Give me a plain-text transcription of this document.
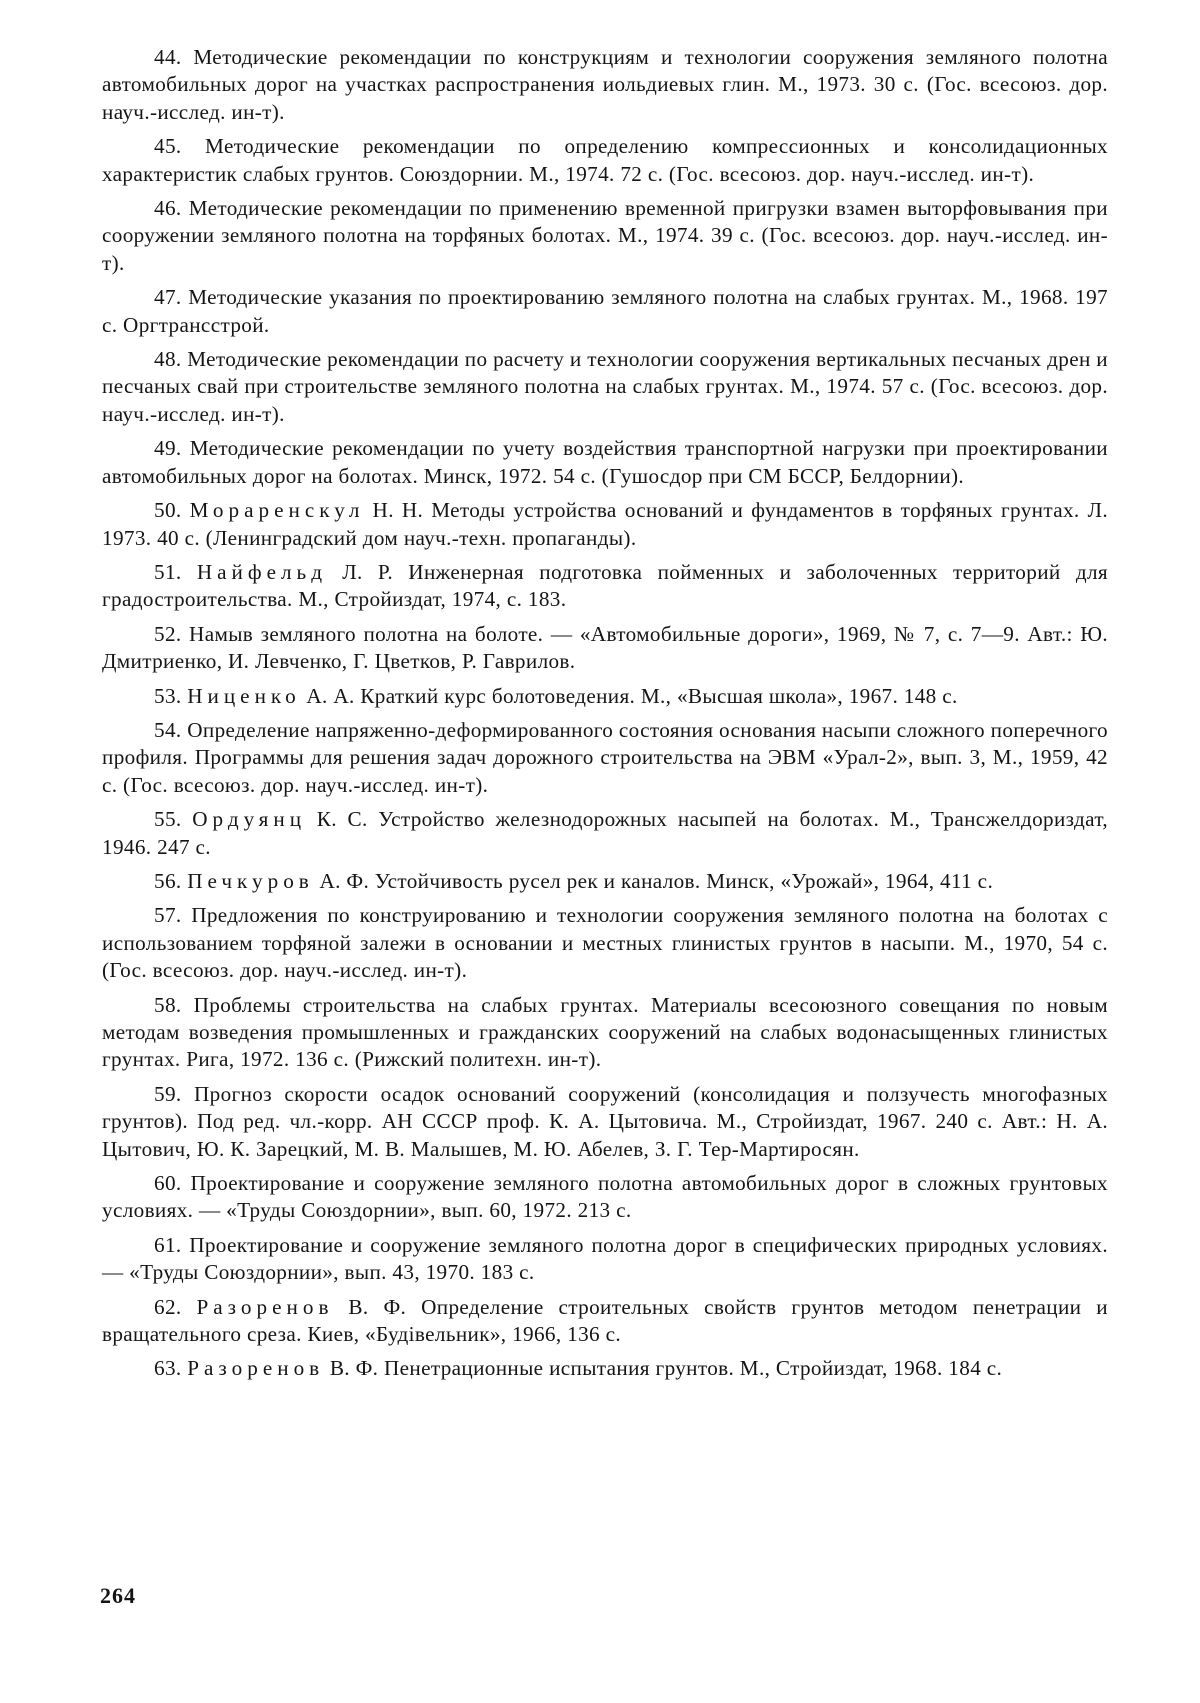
44. Методические рекомендации по конструкциям и технологии сооружения земляного полотна автомобильных дорог на участках распространения иольдиевых глин. М., 1973. 30 с. (Гос. всесоюз. дор. науч.-исслед. ин-т).

45. Методические рекомендации по определению компрессионных и консолидационных характеристик слабых грунтов. Союздорнии. М., 1974. 72 с. (Гос. всесоюз. дор. науч.-исслед. ин-т).

46. Методические рекомендации по применению временной пригрузки взамен выторфовывания при сооружении земляного полотна на торфяных болотах. М., 1974. 39 с. (Гос. всесоюз. дор. науч.-исслед. ин-т).

47. Методические указания по проектированию земляного полотна на слабых грунтах. М., 1968. 197 с. Оргтрансстрой.

48. Методические рекомендации по расчету и технологии сооружения вертикальных песчаных дрен и песчаных свай при строительстве земляного полотна на слабых грунтах. М., 1974. 57 с. (Гос. всесоюз. дор. науч.-исслед. ин-т).

49. Методические рекомендации по учету воздействия транспортной нагрузки при проектировании автомобильных дорог на болотах. Минск, 1972. 54 с. (Гушосдор при СМ БССР, Белдорнии).

50. Мораренскул Н. Н. Методы устройства оснований и фундаментов в торфяных грунтах. Л. 1973. 40 с. (Ленинградский дом науч.-техн. пропаганды).

51. Найфельд Л. Р. Инженерная подготовка пойменных и заболоченных территорий для градостроительства. М., Стройиздат, 1974, с. 183.

52. Намыв земляного полотна на болоте. — «Автомобильные дороги», 1969, № 7, с. 7—9. Авт.: Ю. Дмитриенко, И. Левченко, Г. Цветков, Р. Гаврилов.

53. Ниценко А. А. Краткий курс болотоведения. М., «Высшая школа», 1967. 148 с.

54. Определение напряженно-деформированного состояния основания насыпи сложного поперечного профиля. Программы для решения задач дорожного строительства на ЭВМ «Урал-2», вып. 3, М., 1959, 42 с. (Гос. всесоюз. дор. науч.-исслед. ин-т).

55. Ордуянц К. С. Устройство железнодорожных насыпей на болотах. М., Трансжелдориздат, 1946. 247 с.

56. Печкуров А. Ф. Устойчивость русел рек и каналов. Минск, «Урожай», 1964, 411 с.

57. Предложения по конструированию и технологии сооружения земляного полотна на болотах с использованием торфяной залежи в основании и местных глинистых грунтов в насыпи. М., 1970, 54 с. (Гос. всесоюз. дор. науч.-исслед. ин-т).

58. Проблемы строительства на слабых грунтах. Материалы всесоюзного совещания по новым методам возведения промышленных и гражданских сооружений на слабых водонасыщенных глинистых грунтах. Рига, 1972. 136 с. (Рижский политехн. ин-т).

59. Прогноз скорости осадок оснований сооружений (консолидация и ползучесть многофазных грунтов). Под ред. чл.-корр. АН СССР проф. К. А. Цытовича. М., Стройиздат, 1967. 240 с. Авт.: Н. А. Цытович, Ю. К. Зарецкий, М. В. Малышев, М. Ю. Абелев, З. Г. Тер-Мартиросян.

60. Проектирование и сооружение земляного полотна автомобильных дорог в сложных грунтовых условиях. — «Труды Союздорнии», вып. 60, 1972. 213 с.

61. Проектирование и сооружение земляного полотна дорог в специфических природных условиях. — «Труды Союздорнии», вып. 43, 1970. 183 с.

62. Разоренов В. Ф. Определение строительных свойств грунтов методом пенетрации и вращательного среза. Киев, «Будівельник», 1966, 136 с.

63. Разоренов В. Ф. Пенетрационные испытания грунтов. М., Стройиздат, 1968. 184 с.

264
